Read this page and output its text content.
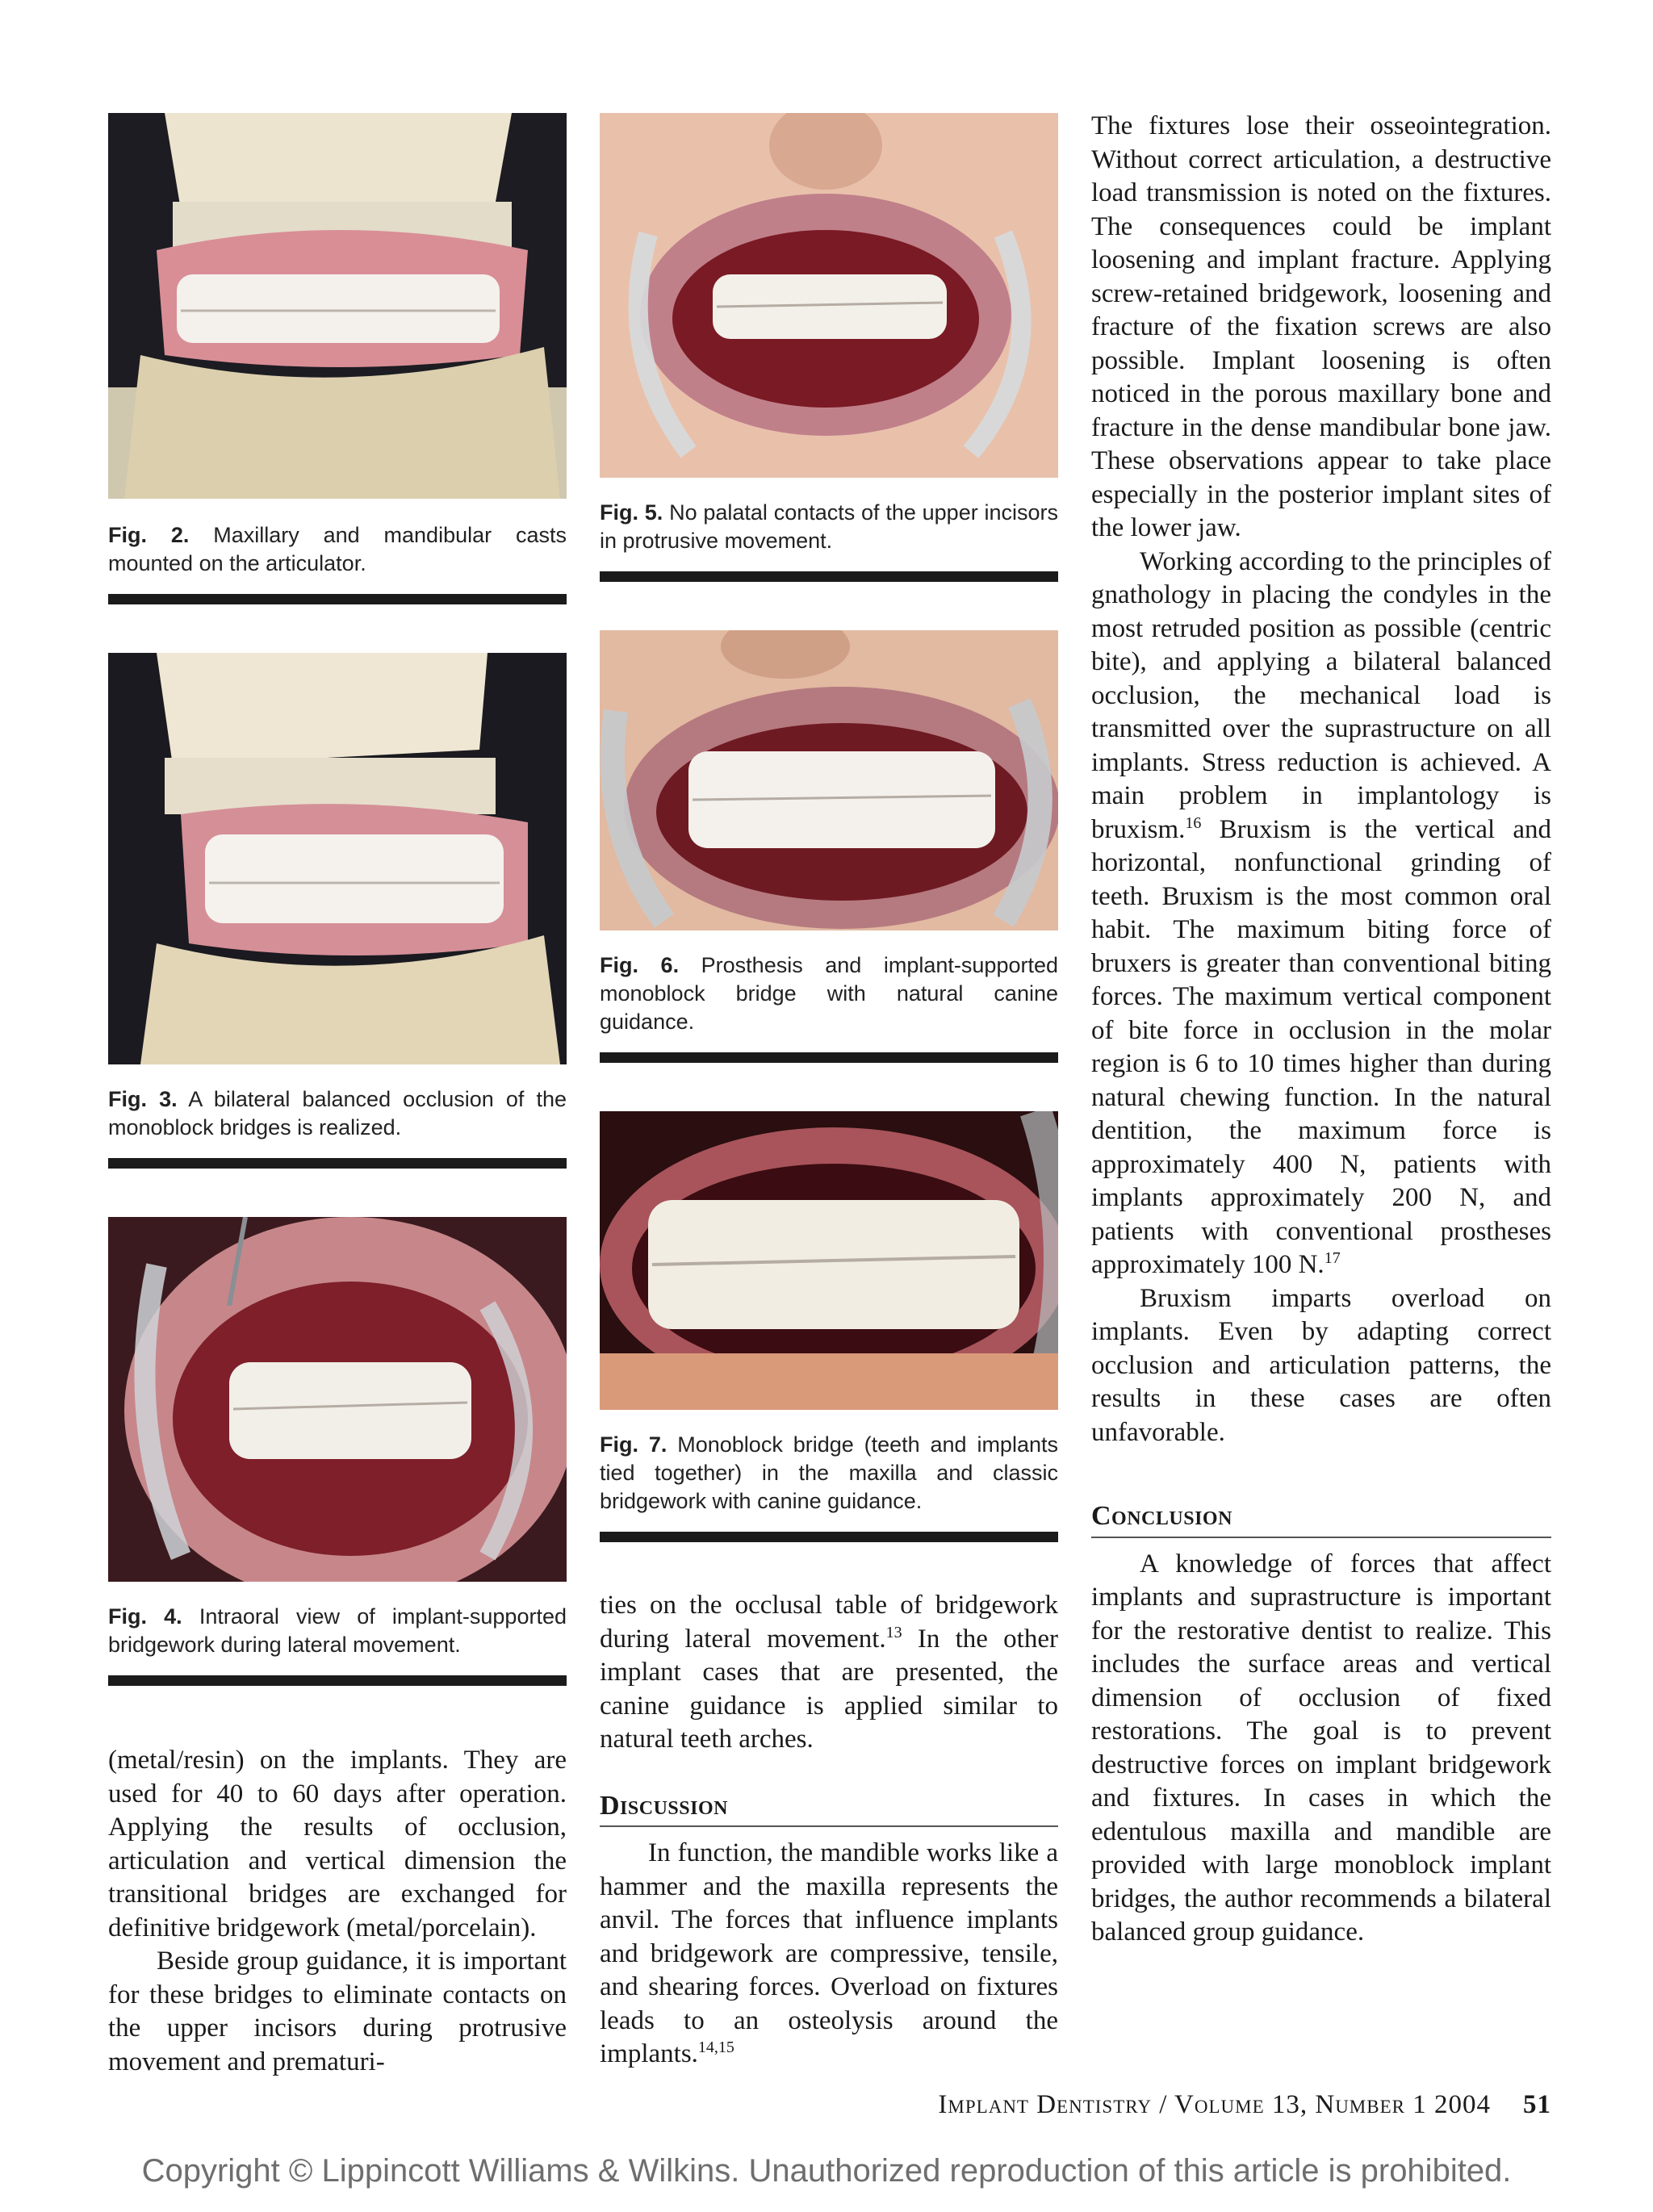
Fig. 2. Maxillary and mandibular casts mounted on the articulator.
Fig. 3. A bilateral balanced occlusion of the monoblock bridges is realized.
Fig. 4. Intraoral view of implant-supported bridgework during lateral movement.

(metal/resin) on the implants. They are used for 40 to 60 days after operation. Applying the results of occlusion, articulation and vertical dimension the transitional bridges are exchanged for definitive bridgework (metal/porcelain).

Beside group guidance, it is important for these bridges to eliminate contacts on the upper incisors during protrusive movement and prematuri-

Fig. 5. No palatal contacts of the upper incisors in protrusive movement.
Fig. 6. Prosthesis and implant-supported monoblock bridge with natural canine guidance.
Fig. 7. Monoblock bridge (teeth and implants tied together) in the maxilla and classic bridgework with canine guidance.

ties on the occlusal table of bridgework during lateral movement.$^{13}$ In the other implant cases that are presented, the canine guidance is applied similar to natural teeth arches.

Discussion

In function, the mandible works like a hammer and the maxilla represents the anvil. The forces that influence implants and bridgework are compressive, tensile, and shearing forces. Overload on fixtures leads to an osteolysis around the implants.$^{14,15}$

The fixtures lose their osseointegration. Without correct articulation, a destructive load transmission is noted on the fixtures. The consequences could be implant loosening and implant fracture. Applying screw-retained bridgework, loosening and fracture of the fixation screws are also possible. Implant loosening is often noticed in the porous maxillary bone and fracture in the dense mandibular bone jaw. These observations appear to take place especially in the posterior implant sites of the lower jaw.

Working according to the principles of gnathology in placing the condyles in the most retruded position as possible (centric bite), and applying a bilateral balanced occlusion, the mechanical load is transmitted over the suprastructure on all implants. Stress reduction is achieved. A main problem in implantology is bruxism.$^{16}$ Bruxism is the vertical and horizontal, nonfunctional grinding of teeth. Bruxism is the most common oral habit. The maximum biting force of bruxers is greater than conventional biting forces. The maximum vertical component of bite force in occlusion in the molar region is 6 to 10 times higher than during natural chewing function. In the natural dentition, the maximum force is approximately 400 N, patients with implants approximately 200 N, and patients with conventional prostheses approximately 100 N.$^{17}$

Bruxism imparts overload on implants. Even by adapting correct occlusion and articulation patterns, the results in these cases are often unfavorable.

Conclusion

A knowledge of forces that affect implants and suprastructure is important for the restorative dentist to realize. This includes the surface areas and vertical dimension of occlusion of fixed restorations. The goal is to prevent destructive forces on implant bridgework and fixtures. In cases in which the edentulous maxilla and mandible are provided with large monoblock implant bridges, the author recommends a bilateral balanced group guidance.

Implant Dentistry / Volume 13, Number 1 2004 51
Copyright © Lippincott Williams & Wilkins. Unauthorized reproduction of this article is prohibited.
